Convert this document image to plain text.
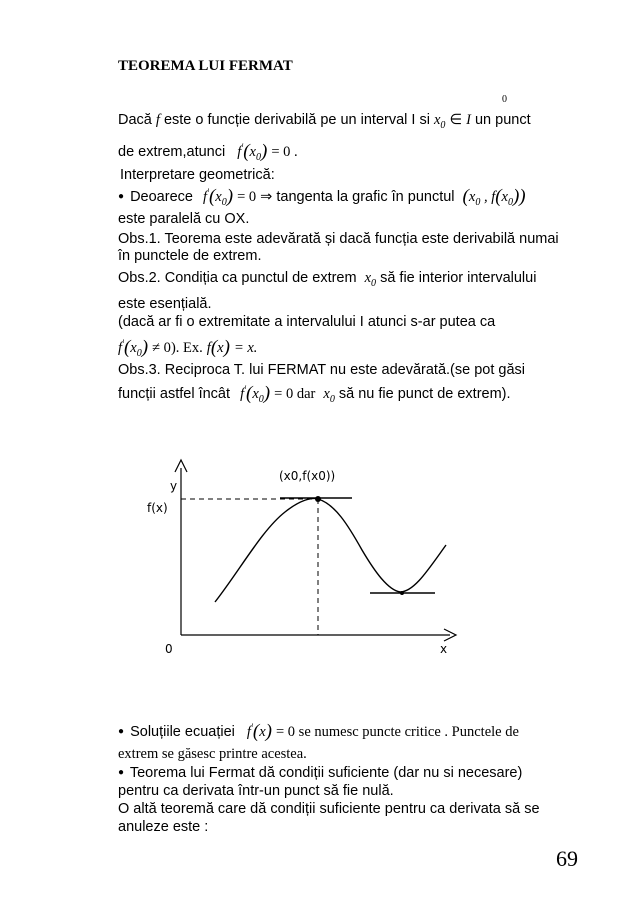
TEOREMA LUI FERMAT
0
Dacă f este o funcție derivabilă pe un interval I si $x_0$ ∈ I un punct
de extrem,atunci $f'(x_0) = 0$ .
Interpretare geometrică:
● Deoarece $f'(x_0) = 0$ ⇒ tangenta la grafic în punctul ($x_0$ , $f(x_0)$)
este paralelă cu OX.
Obs.1. Teorema este adevărată și dacă funcția este derivabilă numai
în punctele de extrem.
Obs.2. Condiția ca punctul de extrem $x_0$ să fie interior intervalului
este esențială.
(dacă ar fi o extremitate a intervalului I atunci s-ar putea ca
$f'(x_0) \ne 0$). Ex. f(x) = x.
Obs.3. Reciproca T. lui FERMAT nu este adevărată.(se pot găsi
funcții astfel încât $f'(x_0) = 0$ dar $x_0$ să nu fie punct de extrem).
y
f(x)
(x0,f(x0))
0	x
● Soluțiile ecuației f'(x) = 0 se numesc puncte critice . Punctele de
extrem se găsesc printre acestea.
● Teorema lui Fermat dă condiții suficiente (dar nu si necesare)
pentru ca derivata într-un punct să fie nulă.
O altă teoremă care dă condiții suficiente pentru ca derivata să se
anuleze este :
69
